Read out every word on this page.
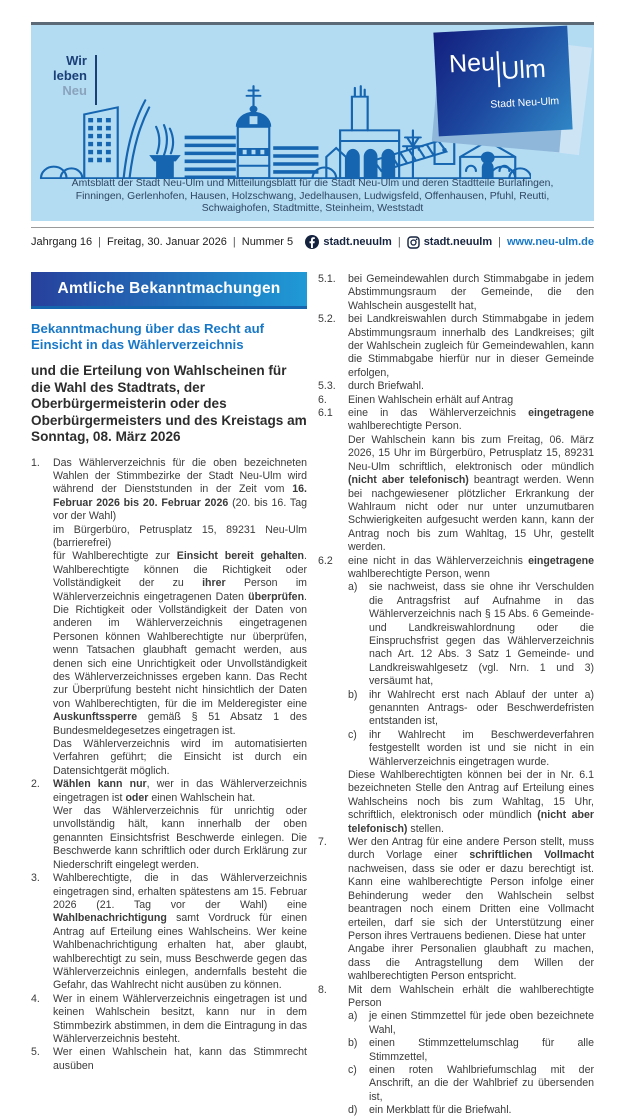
Wir
leben
Neu
Neu Ulm
Stadt Neu-Ulm
Amtsblatt der Stadt Neu-Ulm und Mitteilungsblatt für die Stadt Neu-Ulm und deren Stadtteile Burlafingen, Finningen, Gerlenhofen, Hausen, Holzschwang, Jedelhausen, Ludwigsfeld, Offenhausen, Pfuhl, Reutti, Schwaighofen, Stadtmitte, Steinheim, Weststadt
Jahrgang 16 | Freitag, 30. Januar 2026 | Nummer 5	stadt.neuulm |	stadt.neuulm | www.neu-ulm.de
Amtliche Bekanntmachungen
Bekanntmachung über das Recht auf Einsicht in das Wählerverzeichnis
und die Erteilung von Wahlscheinen für die Wahl des Stadtrats, der Oberbürgermeisterin oder des Oberbürgermeisters und des Kreistags am Sonntag, 08. März 2026
1.	Das Wählerverzeichnis für die oben bezeichneten Wahlen der Stimmbezirke der Stadt Neu-Ulm wird während der Dienststunden in der Zeit vom 16. Februar 2026 bis 20. Februar 2026 (20. bis 16. Tag vor der Wahl)
im Bürgerbüro, Petrusplatz 15, 89231 Neu-Ulm (barrierefrei)
für Wahlberechtigte zur Einsicht bereit gehalten. Wahlberechtigte können die Richtigkeit oder Vollständigkeit der zu ihrer Person im Wählerverzeichnis eingetragenen Daten überprüfen. Die Richtigkeit oder Vollständigkeit der Daten von anderen im Wählerverzeichnis eingetragenen Personen können Wahlberechtigte nur überprüfen, wenn Tatsachen glaubhaft gemacht werden, aus denen sich eine Unrichtigkeit oder Unvollständigkeit des Wählerverzeichnisses ergeben kann. Das Recht zur Überprüfung besteht nicht hinsichtlich der Daten von Wahlberechtigten, für die im Melderegister eine Auskunftssperre gemäß § 51 Absatz 1 des Bundesmeldegesetzes eingetragen ist.
Das Wählerverzeichnis wird im automatisierten Verfahren geführt; die Einsicht ist durch ein Datensichtgerät möglich.
2.	Wählen kann nur, wer in das Wählerverzeichnis eingetragen ist oder einen Wahlschein hat.
Wer das Wählerverzeichnis für unrichtig oder unvollständig hält, kann innerhalb der oben genannten Einsichtsfrist Beschwerde einlegen. Die Beschwerde kann schriftlich oder durch Erklärung zur Niederschrift eingelegt werden.
3.	Wahlberechtigte, die in das Wählerverzeichnis eingetragen sind, erhalten spätestens am 15. Februar 2026 (21. Tag vor der Wahl) eine Wahlbenachrichtigung samt Vordruck für einen Antrag auf Erteilung eines Wahlscheins. Wer keine Wahlbenachrichtigung erhalten hat, aber glaubt, wahlberechtigt zu sein, muss Beschwerde gegen das Wählerverzeichnis einlegen, andernfalls besteht die Gefahr, das Wahlrecht nicht ausüben zu können.
4.	Wer in einem Wählerverzeichnis eingetragen ist und keinen Wahlschein besitzt, kann nur in dem Stimmbezirk abstimmen, in dem die Eintragung in das Wählerverzeichnis besteht.
5.	Wer einen Wahlschein hat, kann das Stimmrecht ausüben
5.1.	bei Gemeindewahlen durch Stimmabgabe in jedem Abstimmungsraum der Gemeinde, die den Wahlschein ausgestellt hat,
5.2.	bei Landkreiswahlen durch Stimmabgabe in jedem Abstimmungsraum innerhalb des Landkreises; gilt der Wahlschein zugleich für Gemeindewahlen, kann die Stimmabgabe hierfür nur in dieser Gemeinde erfolgen,
5.3.	durch Briefwahl.
6.	Einen Wahlschein erhält auf Antrag
6.1	eine in das Wählerverzeichnis eingetragene wahlberechtigte Person.
Der Wahlschein kann bis zum Freitag, 06. März 2026, 15 Uhr im Bürgerbüro, Petrusplatz 15, 89231 Neu-Ulm schriftlich, elektronisch oder mündlich (nicht aber telefonisch) beantragt werden. Wenn bei nachgewiesener plötzlicher Erkrankung der Wahlraum nicht oder nur unter unzumutbaren Schwierigkeiten aufgesucht werden kann, kann der Antrag noch bis zum Wahltag, 15 Uhr, gestellt werden.
6.2	eine nicht in das Wählerverzeichnis eingetragene wahlberechtigte Person, wenn
a)	sie nachweist, dass sie ohne ihr Verschulden die Antragsfrist auf Aufnahme in das Wählerverzeichnis nach § 15 Abs. 6 Gemeinde- und Landkreiswahlordnung oder die Einspruchsfrist gegen das Wählerverzeichnis nach Art. 12 Abs. 3 Satz 1 Gemeinde- und Landkreiswahlgesetz (vgl. Nrn. 1 und 3) versäumt hat,
b)	ihr Wahlrecht erst nach Ablauf der unter a) genannten Antrags- oder Beschwerdefristen entstanden ist,
c)	ihr Wahlrecht im Beschwerdeverfahren festgestellt worden ist und sie nicht in ein Wählerverzeichnis eingetragen wurde.
Diese Wahlberechtigten können bei der in Nr. 6.1 bezeichneten Stelle den Antrag auf Erteilung eines Wahlscheins noch bis zum Wahltag, 15 Uhr, schriftlich, elektronisch oder mündlich (nicht aber telefonisch) stellen.
7.	Wer den Antrag für eine andere Person stellt, muss durch Vorlage einer schriftlichen Vollmacht nachweisen, dass sie oder er dazu berechtigt ist. Kann eine wahlberechtigte Person infolge einer Behinderung weder den Wahlschein selbst beantragen noch einem Dritten eine Vollmacht erteilen, darf sie sich der Unterstützung einer Person ihres Vertrauens bedienen. Diese hat unter
Angabe ihrer Personalien glaubhaft zu machen, dass die Antragstellung dem Willen der wahlberechtigten Person entspricht.
8.	Mit dem Wahlschein erhält die wahlberechtigte Person
a)	je einen Stimmzettel für jede oben bezeichnete Wahl,
b)	einen Stimmzettelumschlag für alle Stimmzettel,
c)	einen roten Wahlbriefumschlag mit der Anschrift, an die der Wahlbrief zu übersenden ist,
d)	ein Merkblatt für die Briefwahl.
